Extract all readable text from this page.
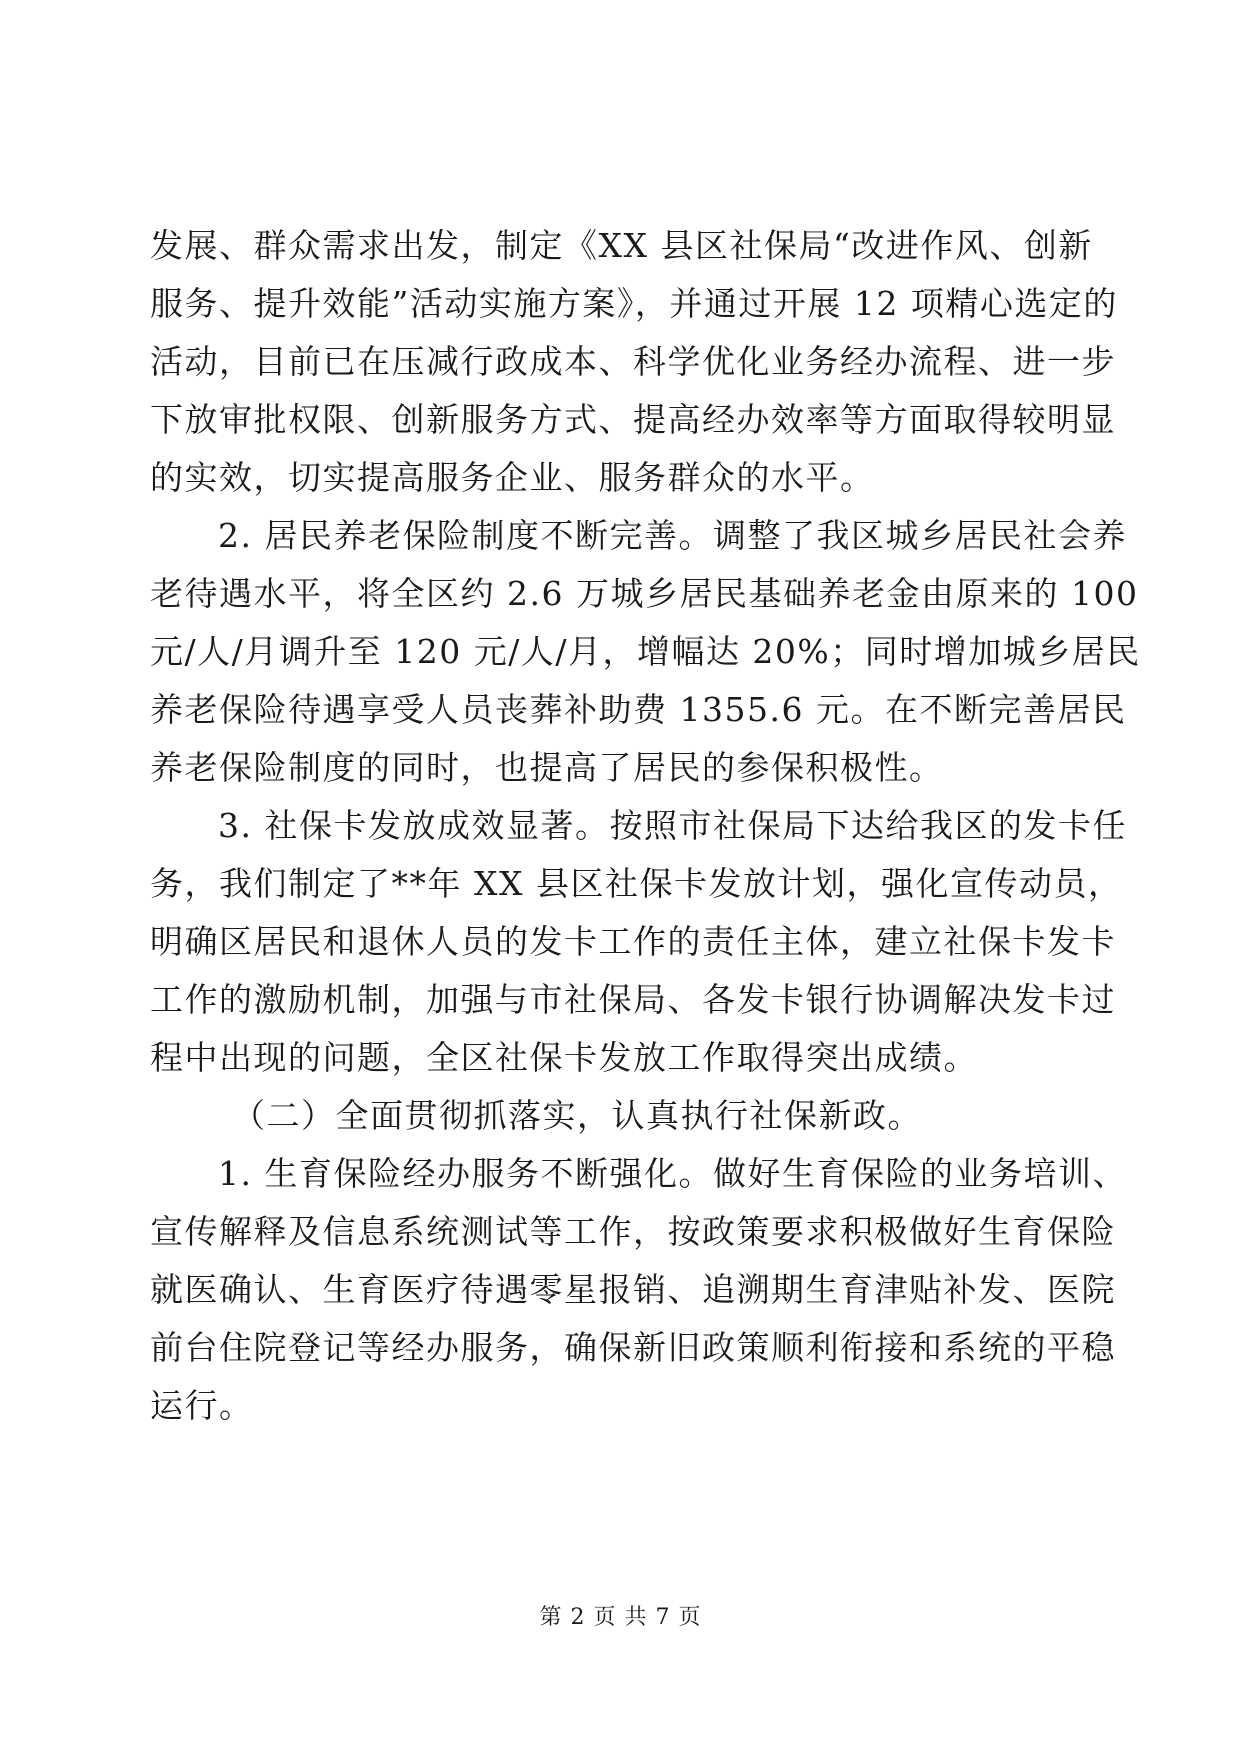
发展、群众需求出发，制定《XX 县区社保局“改进作风、创新
服务、提升效能”活动实施方案》，并通过开展 12 项精心选定的
活动，目前已在压减行政成本、科学优化业务经办流程、进一步
下放审批权限、创新服务方式、提高经办效率等方面取得较明显
的实效，切实提高服务企业、服务群众的水平。
2. 居民养老保险制度不断完善。调整了我区城乡居民社会养
老待遇水平，将全区约 2.6 万城乡居民基础养老金由原来的 100
元/人/月调升至 120 元/人/月，增幅达 20%；同时增加城乡居民
养老保险待遇享受人员丧葬补助费 1355.6 元。在不断完善居民
养老保险制度的同时，也提高了居民的参保积极性。
3. 社保卡发放成效显著。按照市社保局下达给我区的发卡任
务，我们制定了**年 XX 县区社保卡发放计划，强化宣传动员，
明确区居民和退休人员的发卡工作的责任主体，建立社保卡发卡
工作的激励机制，加强与市社保局、各发卡银行协调解决发卡过
程中出现的问题，全区社保卡发放工作取得突出成绩。
（二）全面贯彻抓落实，认真执行社保新政。
1. 生育保险经办服务不断强化。做好生育保险的业务培训、
宣传解释及信息系统测试等工作，按政策要求积极做好生育保险
就医确认、生育医疗待遇零星报销、追溯期生育津贴补发、医院
前台住院登记等经办服务，确保新旧政策顺利衔接和系统的平稳
运行。
第 2 页 共 7 页
